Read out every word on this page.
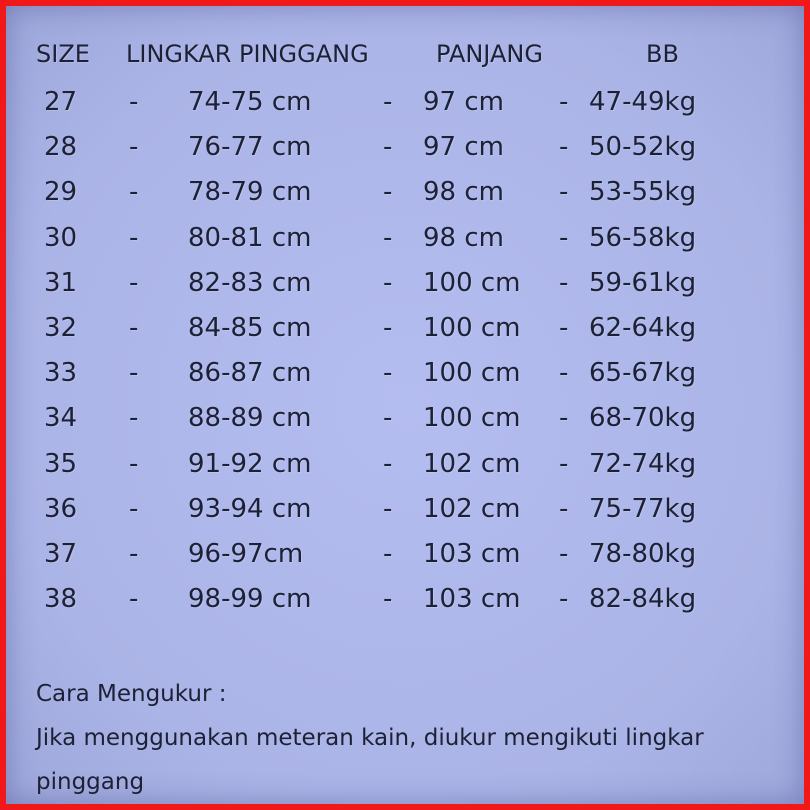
SIZE LINGKAR PINGGANG	PANJANG	BB
27 - 74-75 cm	- 97 cm - 47-49kg
28 - 76-77 cm	- 97 cm - 50-52kg
29 - 78-79 cm	- 98 cm - 53-55kg
30 - 80-81 cm	- 98 cm - 56-58kg
31 - 82-83 cm	- 100 cm - 59-61kg
32 - 84-85 cm	- 100 cm - 62-64kg
33 - 86-87 cm	- 100 cm - 65-67kg
34 - 88-89 cm	- 100 cm - 68-70kg
35 - 91-92 cm	- 102 cm - 72-74kg
36 - 93-94 cm	- 102 cm - 75-77kg
37 - 96-97cm	- 103 cm - 78-80kg
38 - 98-99 cm	- 103 cm - 82-84kg
Cara Mengukur :
Jika menggunakan meteran kain, diukur mengikuti lingkar
pinggang
